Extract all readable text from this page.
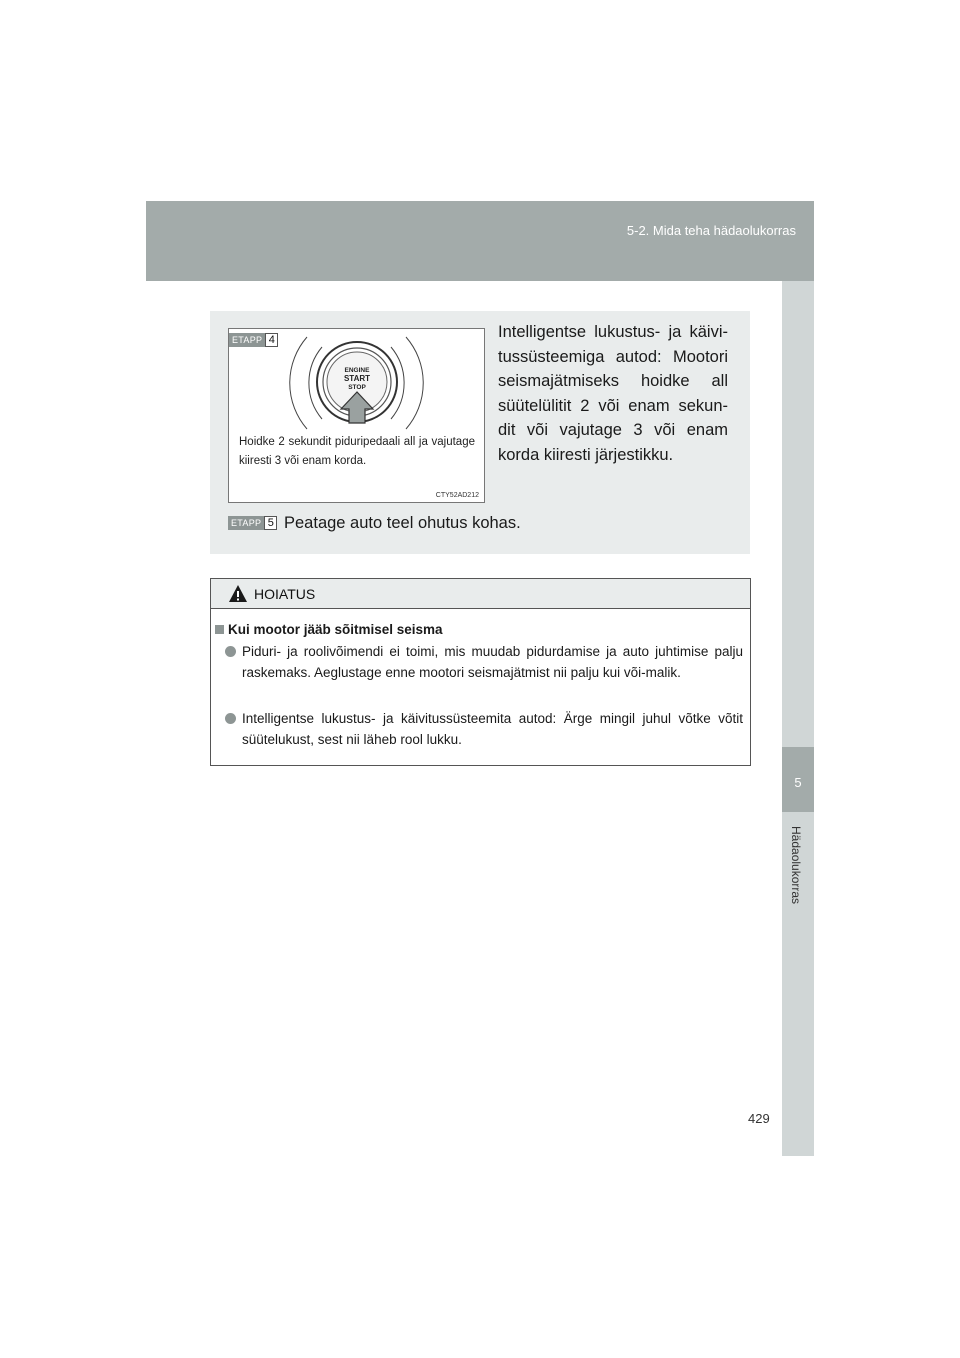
5-2. Mida teha hädaolukorras
5
Hädaolukorras
ENGINE
START
STOP
ETAPP 4
Hoidke 2 sekundit piduripedaali all ja vajutage kiiresti 3 või enam korda.
CTY52AD212
Intelligentse lukustus- ja käivi-tussüsteemiga autod: Mootori seismajätmiseks hoidke all süütelülitit 2 või enam sekun-dit või vajutage 3 või enam korda kiiresti järjestikku.
ETAPP 5 Peatage auto teel ohutus kohas.
HOIATUS
Kui mootor jääb sõitmisel seisma
Piduri- ja roolivõimendi ei toimi, mis muudab pidurdamise ja auto juhtimise palju raskemaks. Aeglustage enne mootori seismajätmist nii palju kui või-malik.
Intelligentse lukustus- ja käivitussüsteemita autod: Ärge mingil juhul võtke võtit süütelukust, sest nii läheb rool lukku.
429
